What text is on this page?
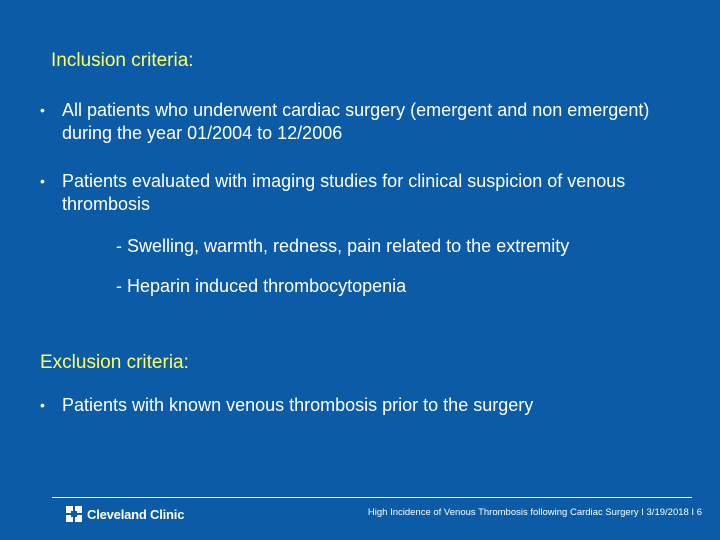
Inclusion criteria:
• All patients who underwent cardiac surgery (emergent and non emergent) during the year 01/2004 to 12/2006
• Patients evaluated with imaging studies for clinical suspicion of venous thrombosis
- Swelling, warmth, redness, pain related to the extremity
- Heparin induced thrombocytopenia
Exclusion criteria:
• Patients with known venous thrombosis prior to the surgery
Cleveland Clinic	High Incidence of Venous Thrombosis following Cardiac Surgery I 3/19/2018 I 6
